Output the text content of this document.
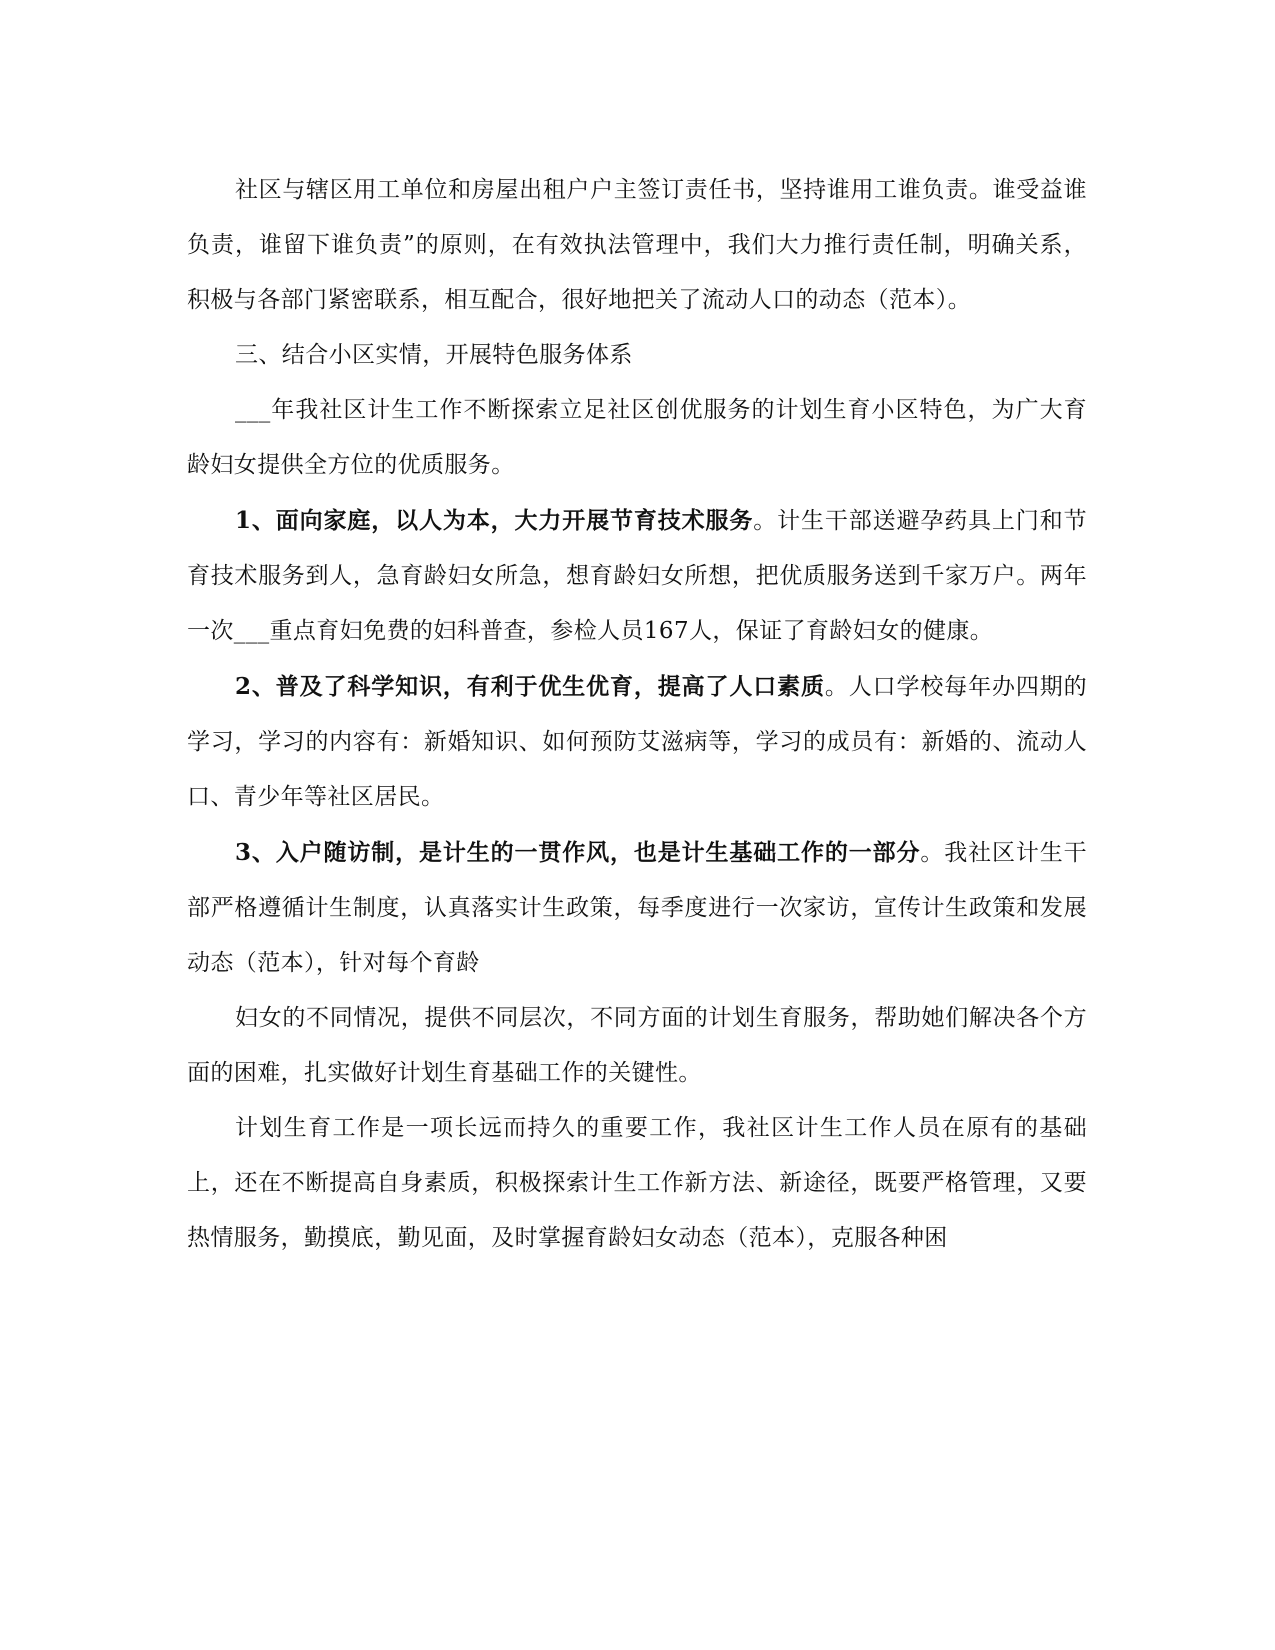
社区与辖区用工单位和房屋出租户户主签订责任书，坚持谁用工谁负责。谁受益谁负责，谁留下谁负责”的原则，在有效执法管理中，我们大力推行责任制，明确关系，积极与各部门紧密联系，相互配合，很好地把关了流动人口的动态（范本）。

三、结合小区实情，开展特色服务体系

___年我社区计生工作不断探索立足社区创优服务的计划生育小区特色，为广大育龄妇女提供全方位的优质服务。

1、面向家庭，以人为本，大力开展节育技术服务。计生干部送避孕药具上门和节育技术服务到人，急育龄妇女所急，想育龄妇女所想，把优质服务送到千家万户。两年一次___重点育妇免费的妇科普查，参检人员167人，保证了育龄妇女的健康。

2、普及了科学知识，有利于优生优育，提高了人口素质。人口学校每年办四期的学习，学习的内容有：新婚知识、如何预防艾滋病等，学习的成员有：新婚的、流动人口、青少年等社区居民。

3、入户随访制，是计生的一贯作风，也是计生基础工作的一部分。我社区计生干部严格遵循计生制度，认真落实计生政策，每季度进行一次家访，宣传计生政策和发展动态（范本），针对每个育龄

妇女的不同情况，提供不同层次，不同方面的计划生育服务，帮助她们解决各个方面的困难，扎实做好计划生育基础工作的关键性。

计划生育工作是一项长远而持久的重要工作，我社区计生工作人员在原有的基础上，还在不断提高自身素质，积极探索计生工作新方法、新途径，既要严格管理，又要热情服务，勤摸底，勤见面，及时掌握育龄妇女动态（范本），克服各种困
